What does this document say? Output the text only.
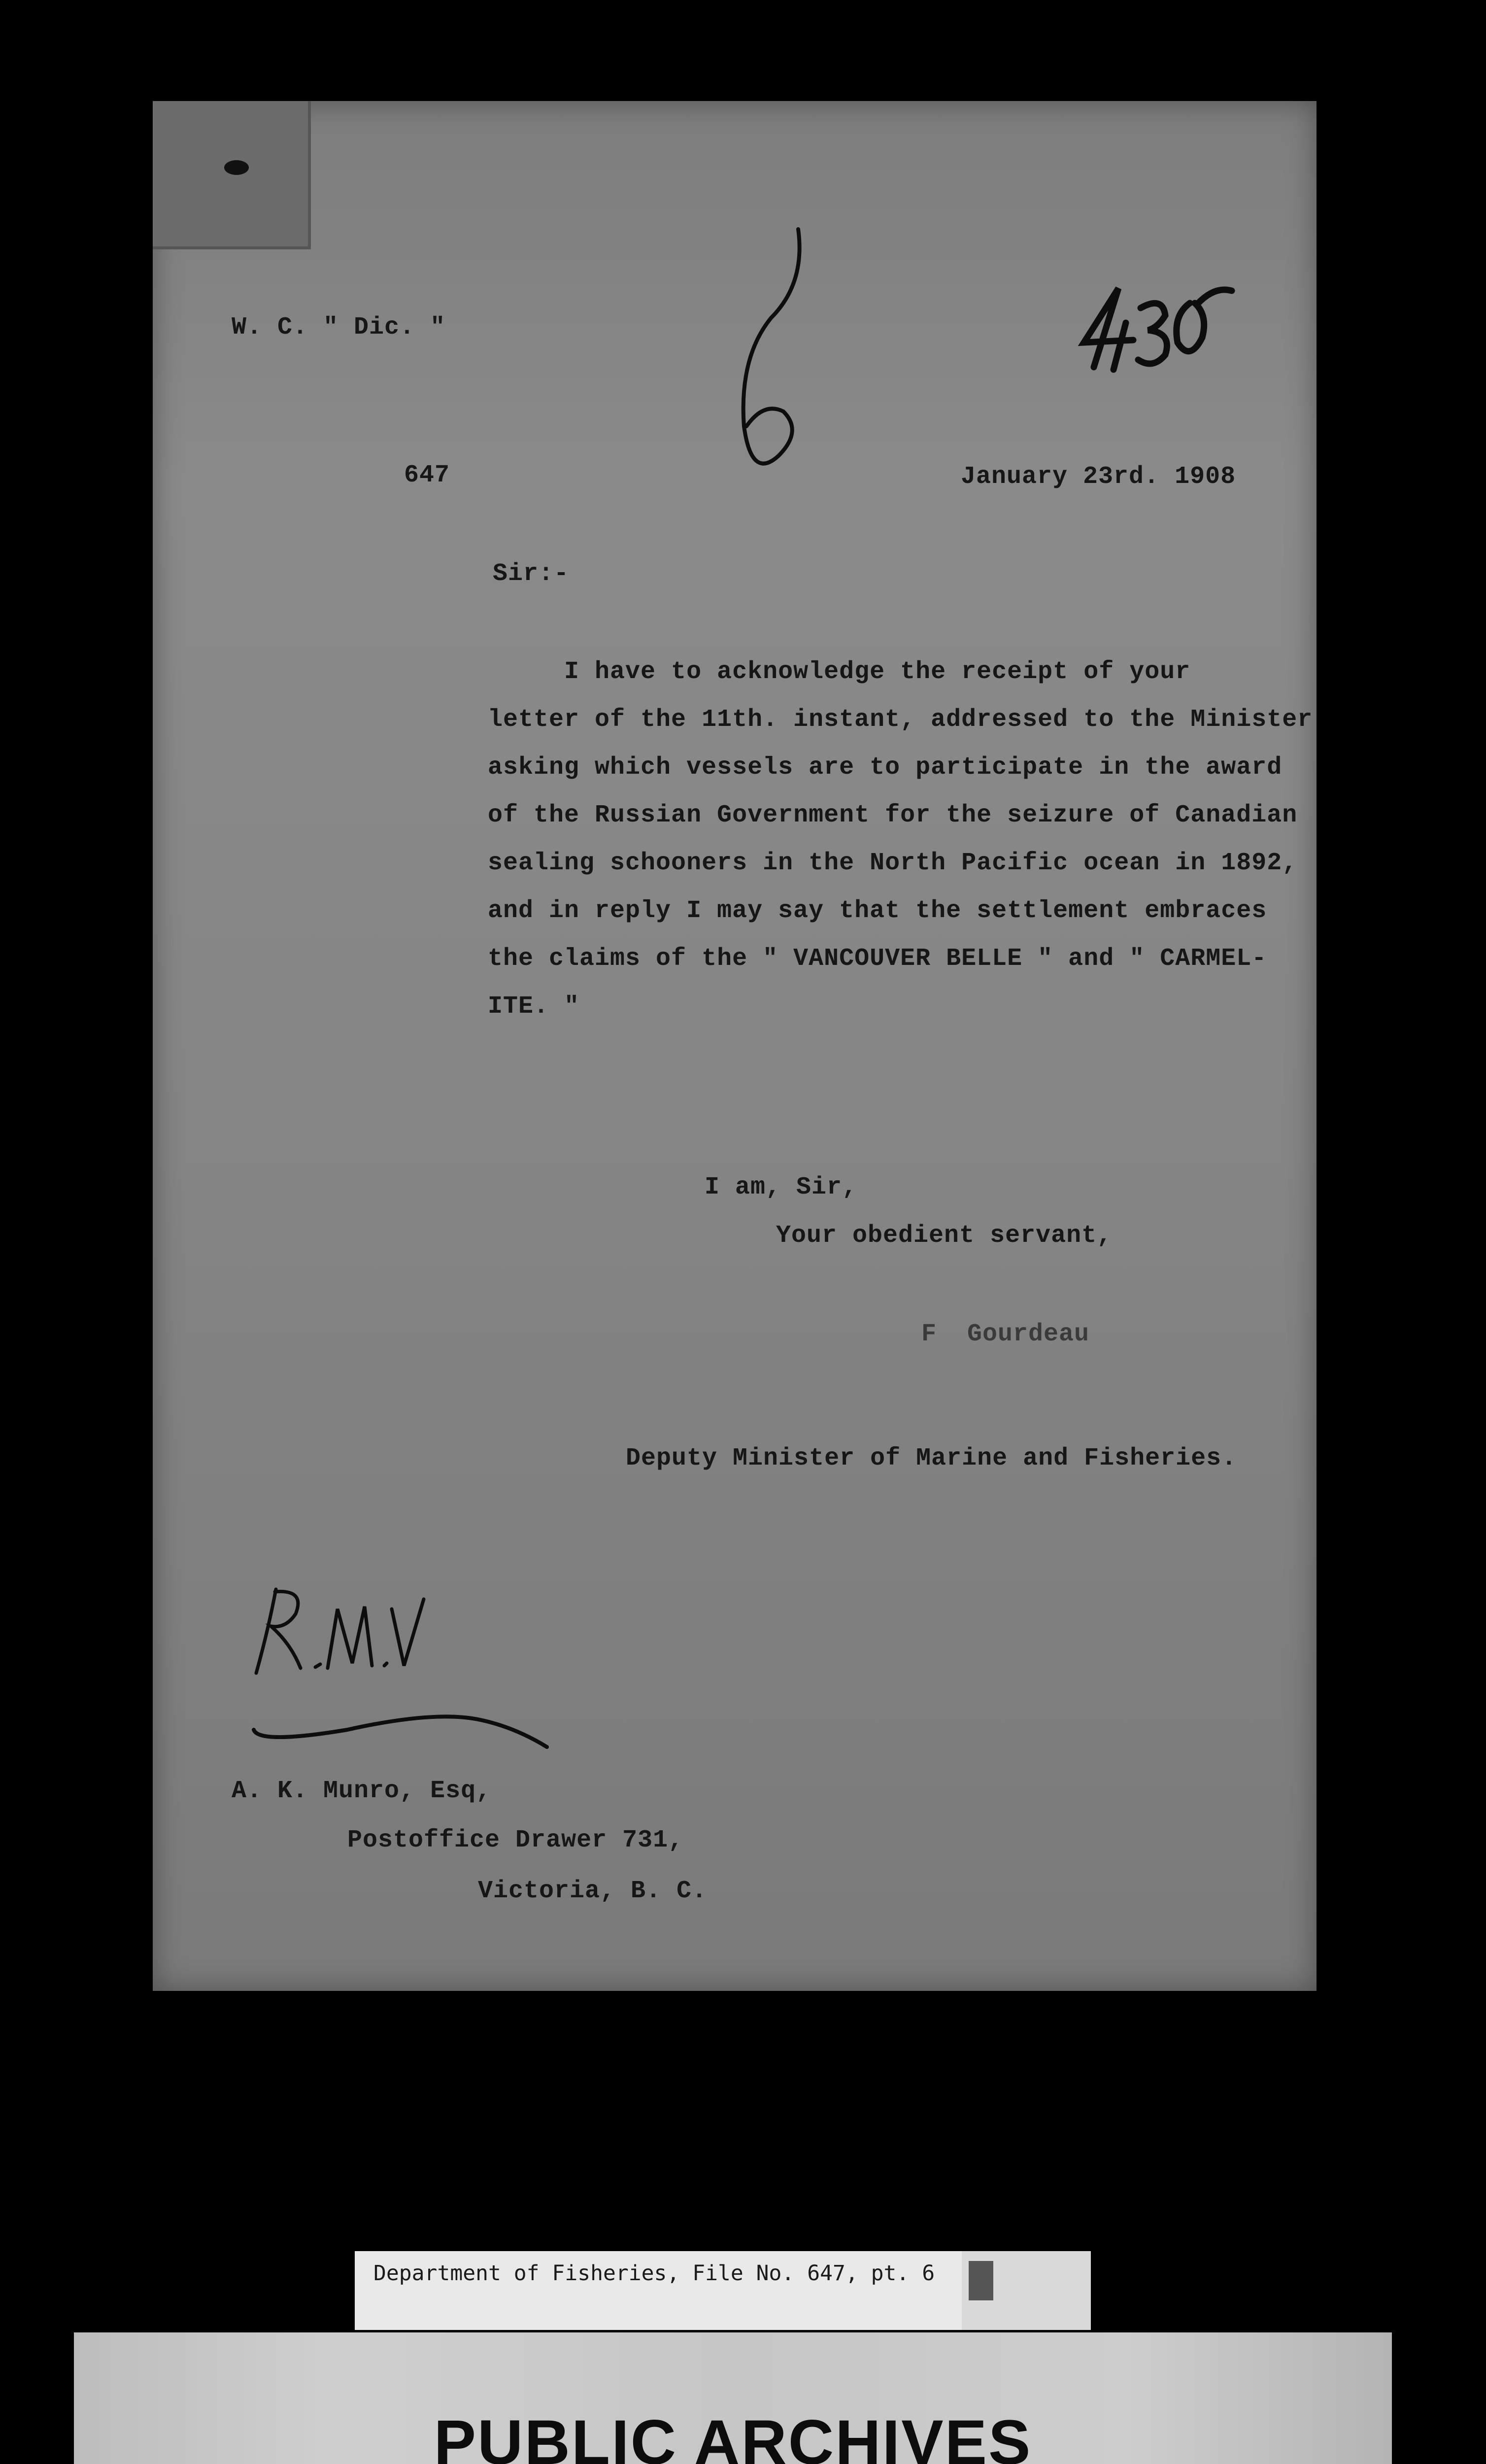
W. C. " Dic. "
647	January 23rd. 1908
Sir:-
I have to acknowledge the receipt of your
letter of the 11th. instant, addressed to the Minister
asking which vessels are to participate in the award
of the Russian Government for the seizure of Canadian
sealing schooners in the North Pacific ocean in 1892,
and in reply I may say that the settlement embraces
the claims of the " VANCOUVER BELLE " and " CARMEL-
ITE. "
I am, Sir,
Your obedient servant,
F  Gourdeau
Deputy Minister of Marine and Fisheries.
A. K. Munro, Esq,
Postoffice Drawer 731,
Victoria, B. C.
Department of Fisheries, File No. 647, pt. 6
PUBLIC ARCHIVES
